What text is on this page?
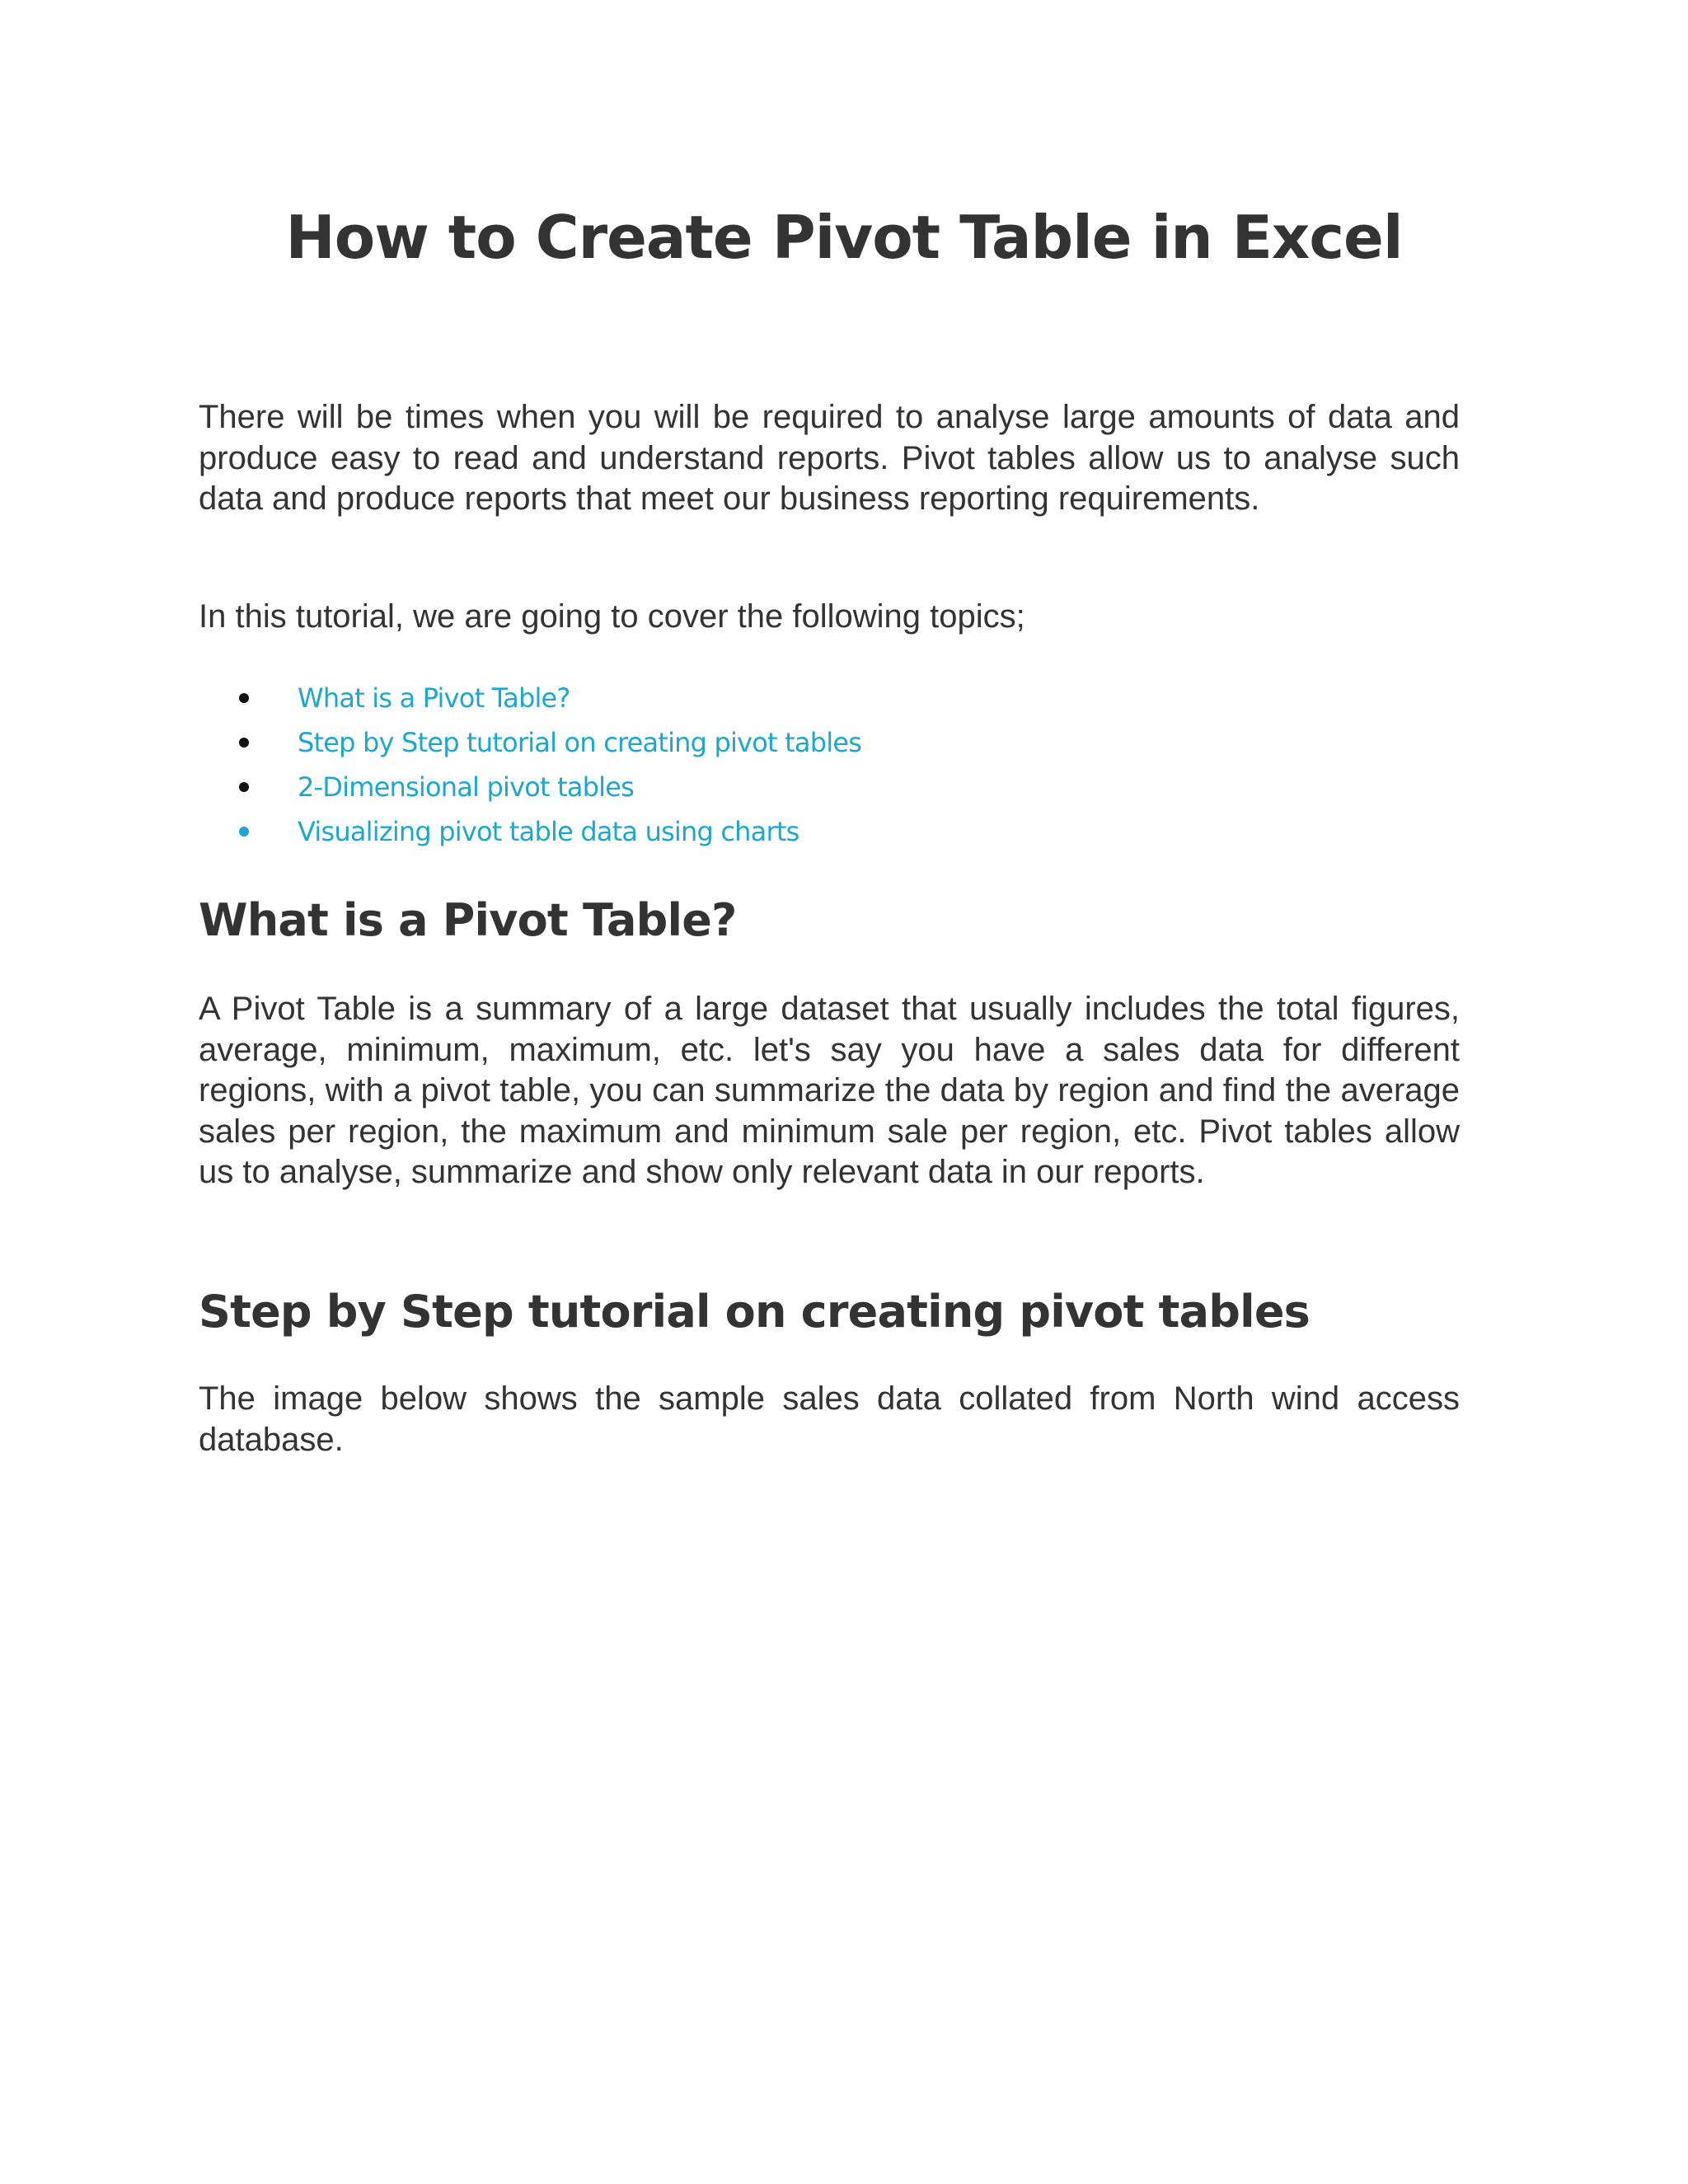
How to Create Pivot Table in Excel

There will be times when you will be required to analyse large amounts of data and produce easy to read and understand reports. Pivot tables allow us to analyse such data and produce reports that meet our business reporting requirements.

In this tutorial, we are going to cover the following topics;

What is a Pivot Table?
Step by Step tutorial on creating pivot tables
2-Dimensional pivot tables
Visualizing pivot table data using charts
What is a Pivot Table?

A Pivot Table is a summary of a large dataset that usually includes the total figures, average, minimum, maximum, etc. let's say you have a sales data for different regions, with a pivot table, you can summarize the data by region and find the average sales per region, the maximum and minimum sale per region, etc. Pivot tables allow us to analyse, summarize and show only relevant data in our reports.

Step by Step tutorial on creating pivot tables

The image below shows the sample sales data collated from North wind access database.
